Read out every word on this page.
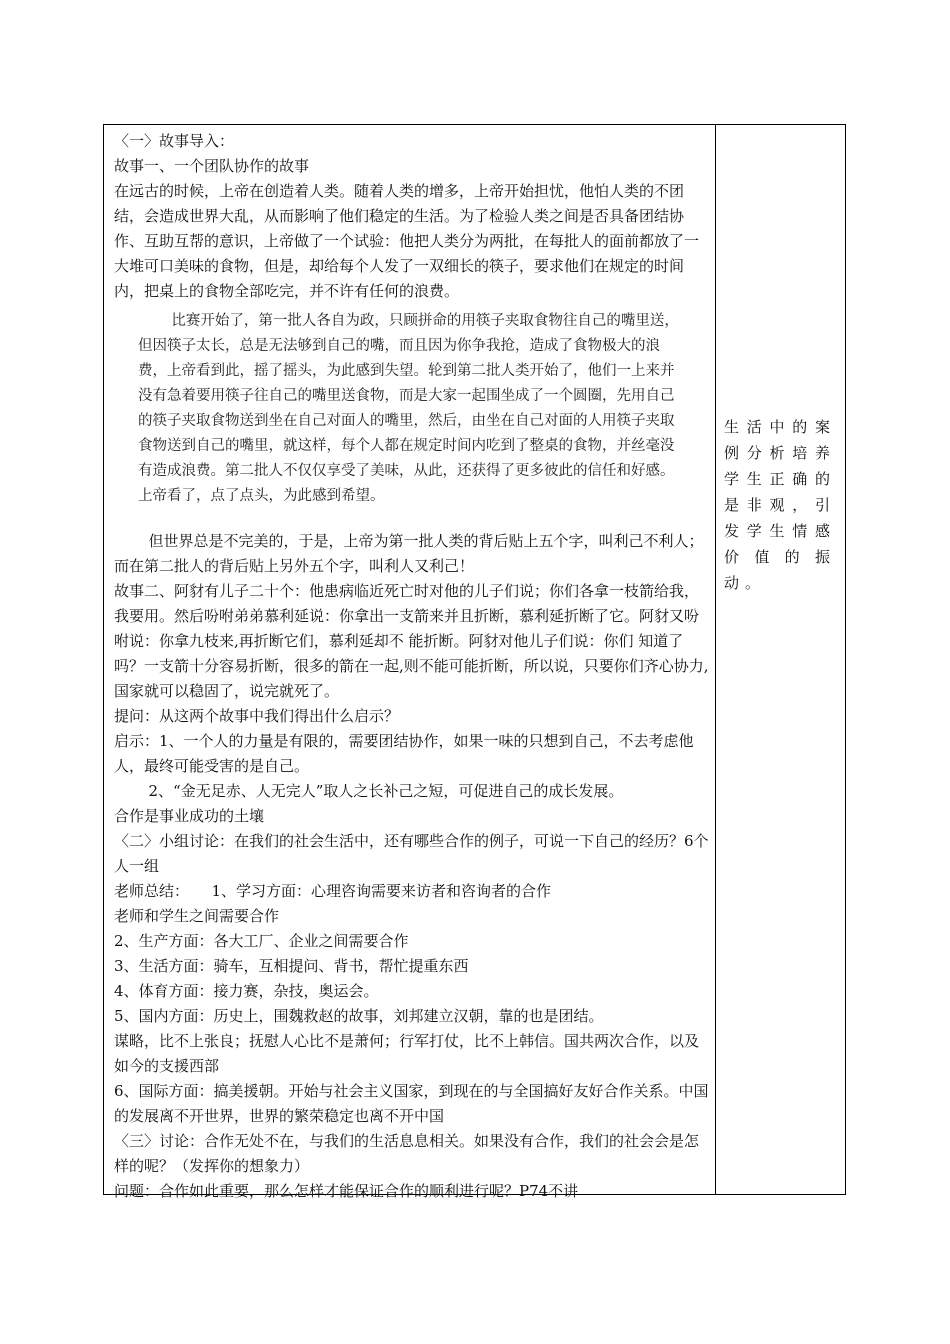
〈一〉故事导入：

故事一、一个团队协作的故事

在远古的时候，上帝在创造着人类。随着人类的增多，上帝开始担忧，他怕人类的不团结，会造成世界大乱，从而影响了他们稳定的生活。为了检验人类之间是否具备团结协作、互助互帮的意识，上帝做了一个试验：他把人类分为两批，在每批人的面前都放了一大堆可口美味的食物，但是，却给每个人发了一双细长的筷子，要求他们在规定的时间内，把桌上的食物全部吃完，并不许有任何的浪费。

比赛开始了，第一批人各自为政，只顾拼命的用筷子夹取食物往自己的嘴里送，但因筷子太长，总是无法够到自己的嘴，而且因为你争我抢，造成了食物极大的浪费，上帝看到此，摇了摇头，为此感到失望。轮到第二批人类开始了，他们一上来并没有急着要用筷子往自己的嘴里送食物，而是大家一起围坐成了一个圆圈，先用自己的筷子夹取食物送到坐在自己对面人的嘴里，然后，由坐在自己对面的人用筷子夹取食物送到自己的嘴里，就这样，每个人都在规定时间内吃到了整桌的食物，并丝毫没有造成浪费。第二批人不仅仅享受了美味，从此，还获得了更多彼此的信任和好感。上帝看了，点了点头，为此感到希望。

但世界总是不完美的，于是，上帝为第一批人类的背后贴上五个字，叫利己不利人；而在第二批人的背后贴上另外五个字，叫利人又利己！

故事二、阿豺有儿子二十个：他患病临近死亡时对他的儿子们说；你们各拿一枝箭给我，我要用。然后吩咐弟弟慕利延说：你拿出一支箭来并且折断，慕利延折断了它。阿豺又吩咐说：你拿九枝来,再折断它们，慕利延却不 能折断。阿豺对他儿子们说：你们 知道了吗？一支箭十分容易折断，很多的箭在一起,则不能可能折断，所以说，只要你们齐心协力,国家就可以稳固了，说完就死了。

提问：从这两个故事中我们得出什么启示？

启示：1、一个人的力量是有限的，需要团结协作，如果一味的只想到自己，不去考虑他人，最终可能受害的是自己。

2、“金无足赤、人无完人”取人之长补己之短，可促进自己的成长发展。

合作是事业成功的土壤

〈二〉小组讨论：在我们的社会生活中，还有哪些合作的例子，可说一下自己的经历？6个人一组

老师总结：　　1、学习方面：心理咨询需要来访者和咨询者的合作

老师和学生之间需要合作

2、生产方面：各大工厂、企业之间需要合作

3、生活方面：骑车，互相提问、背书，帮忙提重东西

4、体育方面：接力赛，杂技，奥运会。

5、国内方面：历史上，围魏救赵的故事，刘邦建立汉朝，靠的也是团结。

谋略，比不上张良；抚慰人心比不是萧何；行军打仗，比不上韩信。国共两次合作，以及如今的支援西部

6、国际方面：搞美援朝。开始与社会主义国家，到现在的与全国搞好友好合作关系。中国的发展离不开世界，世界的繁荣稳定也离不开中国

〈三〉讨论：合作无处不在，与我们的生活息息相关。如果没有合作，我们的社会会是怎样的呢？（发挥你的想象力）

问题：合作如此重要，那么怎样才能保证合作的顺利进行呢？P74不讲

生活中的案例分析培养学生正确的是非观，引发学生情感价值的振动。
